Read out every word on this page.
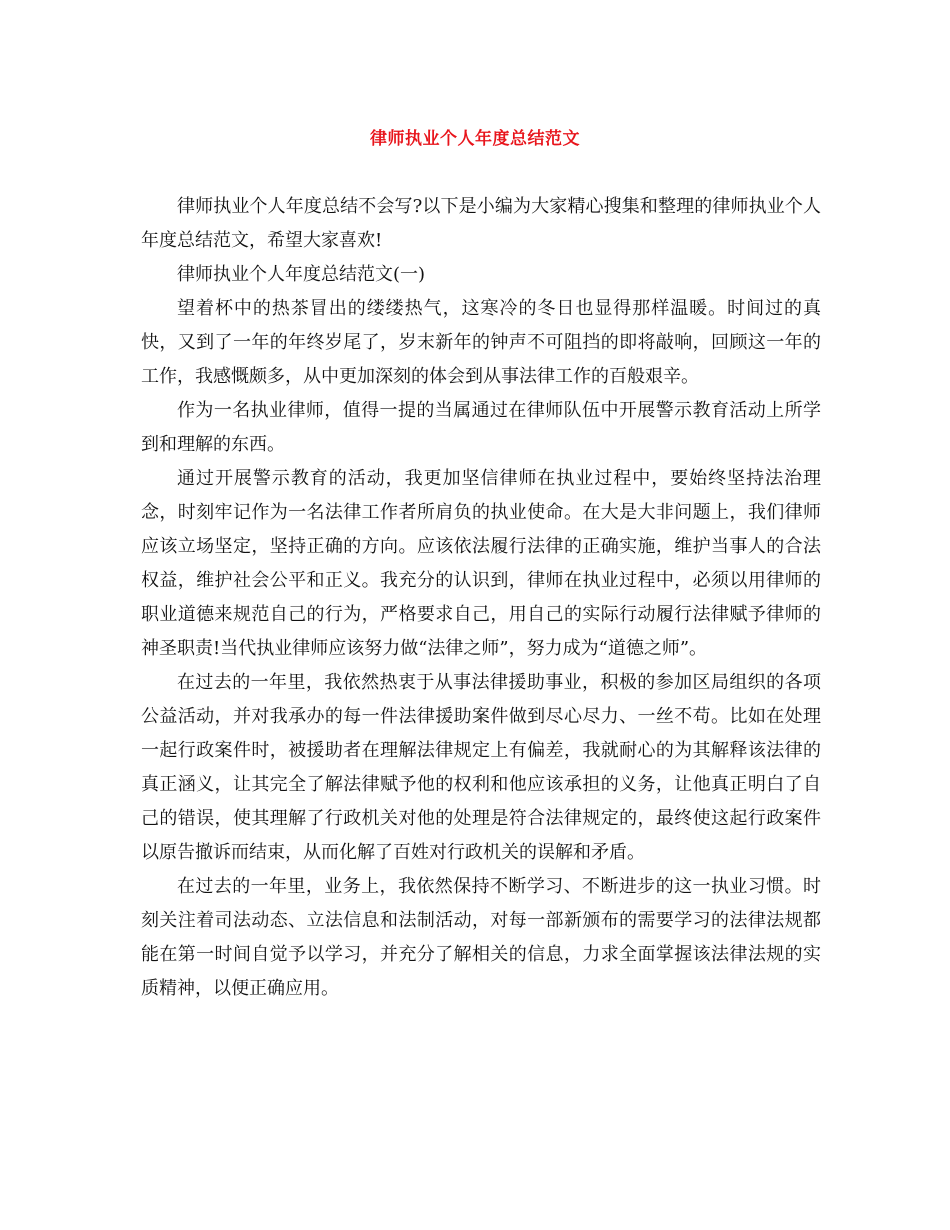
律师执业个人年度总结范文

律师执业个人年度总结不会写?以下是小编为大家精心搜集和整理的律师执业个人年度总结范文，希望大家喜欢!

律师执业个人年度总结范文(一)

望着杯中的热茶冒出的缕缕热气，这寒冷的冬日也显得那样温暖。时间过的真快，又到了一年的年终岁尾了，岁末新年的钟声不可阻挡的即将敲响，回顾这一年的工作，我感慨颇多，从中更加深刻的体会到从事法律工作的百般艰辛。

作为一名执业律师，值得一提的当属通过在律师队伍中开展警示教育活动上所学到和理解的东西。

通过开展警示教育的活动，我更加坚信律师在执业过程中，要始终坚持法治理念，时刻牢记作为一名法律工作者所肩负的执业使命。在大是大非问题上，我们律师应该立场坚定，坚持正确的方向。应该依法履行法律的正确实施，维护当事人的合法权益，维护社会公平和正义。我充分的认识到，律师在执业过程中，必须以用律师的职业道德来规范自己的行为，严格要求自己，用自己的实际行动履行法律赋予律师的神圣职责!当代执业律师应该努力做“法律之师”，努力成为“道德之师”。

在过去的一年里，我依然热衷于从事法律援助事业，积极的参加区局组织的各项公益活动，并对我承办的每一件法律援助案件做到尽心尽力、一丝不苟。比如在处理一起行政案件时，被援助者在理解法律规定上有偏差，我就耐心的为其解释该法律的真正涵义，让其完全了解法律赋予他的权利和他应该承担的义务，让他真正明白了自己的错误，使其理解了行政机关对他的处理是符合法律规定的，最终使这起行政案件以原告撤诉而结束，从而化解了百姓对行政机关的误解和矛盾。

在过去的一年里，业务上，我依然保持不断学习、不断进步的这一执业习惯。时刻关注着司法动态、立法信息和法制活动，对每一部新颁布的需要学习的法律法规都能在第一时间自觉予以学习，并充分了解相关的信息，力求全面掌握该法律法规的实质精神，以便正确应用。
